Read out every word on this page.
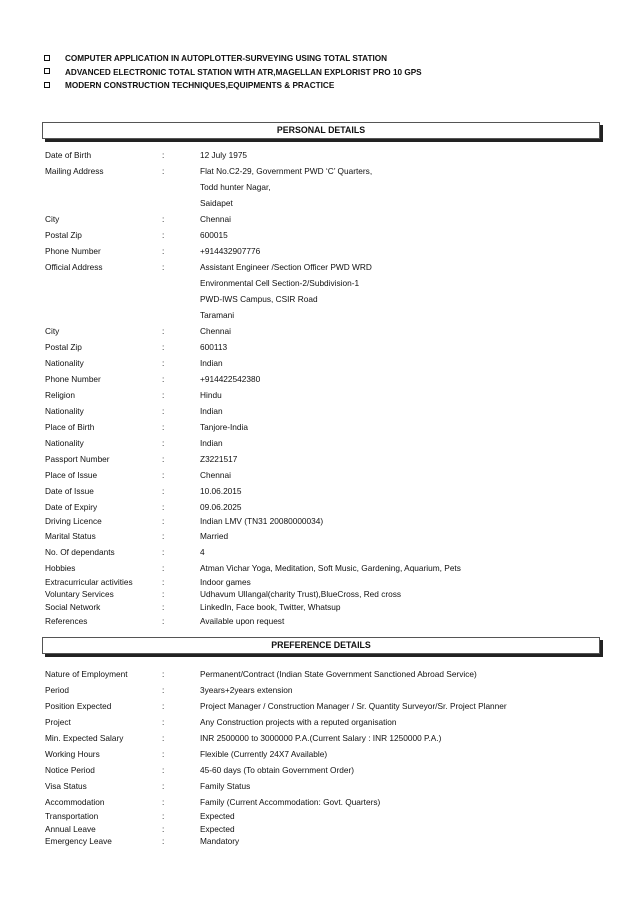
COMPUTER APPLICATION IN AUTOPLOTTER-SURVEYING USING TOTAL STATION
ADVANCED ELECTRONIC TOTAL STATION WITH ATR,MAGELLAN EXPLORIST PRO 10 GPS
MODERN CONSTRUCTION TECHNIQUES,EQUIPMENTS & PRACTICE
PERSONAL DETAILS
Date of Birth	:	12 July 1975
Mailing Address	:	Flat No.C2-29, Government PWD ‘C’ Quarters,
Todd hunter Nagar,
Saidapet
City	:	Chennai
Postal Zip	:	600015
Phone Number	:	+914432907776
Official Address	:	Assistant Engineer /Section Officer PWD WRD
Environmental Cell Section-2/Subdivision-1
PWD-IWS Campus, CSIR Road
Taramani
City	:	Chennai
Postal Zip	:	600113
Nationality	:	Indian
Phone Number	:	+914422542380
Religion	:	Hindu
Nationality	:	Indian
Place of Birth	:	Tanjore-India
Nationality	:	Indian
Passport Number	:	Z3221517
Place of Issue	:	Chennai
Date of Issue	:	10.06.2015
Date of Expiry	:	09.06.2025
Driving Licence	:	Indian LMV (TN31 20080000034)
Marital Status	:	Married
No. Of dependants	:	4
Hobbies	:	Atman Vichar Yoga, Meditation, Soft Music, Gardening, Aquarium, Pets
Extracurricular activities	:	Indoor games
Voluntary Services	:	Udhavum Ullangal(charity Trust),BlueCross, Red cross
Social Network	:	LinkedIn, Face book, Twitter, Whatsup
References	:	Available upon request
PREFERENCE DETAILS
Nature of Employment	:	Permanent/Contract (Indian State Government Sanctioned Abroad Service)
Period	:	3years+2years extension
Position Expected	:	Project Manager / Construction Manager / Sr. Quantity Surveyor/Sr. Project Planner
Project	:	Any Construction projects with a reputed organisation
Min. Expected Salary	:	INR 2500000 to 3000000 P.A.(Current Salary : INR 1250000 P.A.)
Working Hours	:	Flexible (Currently 24X7 Available)
Notice Period	:	45-60 days (To obtain Government Order)
Visa Status	:	Family Status
Accommodation	:	Family (Current Accommodation: Govt. Quarters)
Transportation	:	Expected
Annual Leave	:	Expected
Emergency Leave	:	Mandatory
